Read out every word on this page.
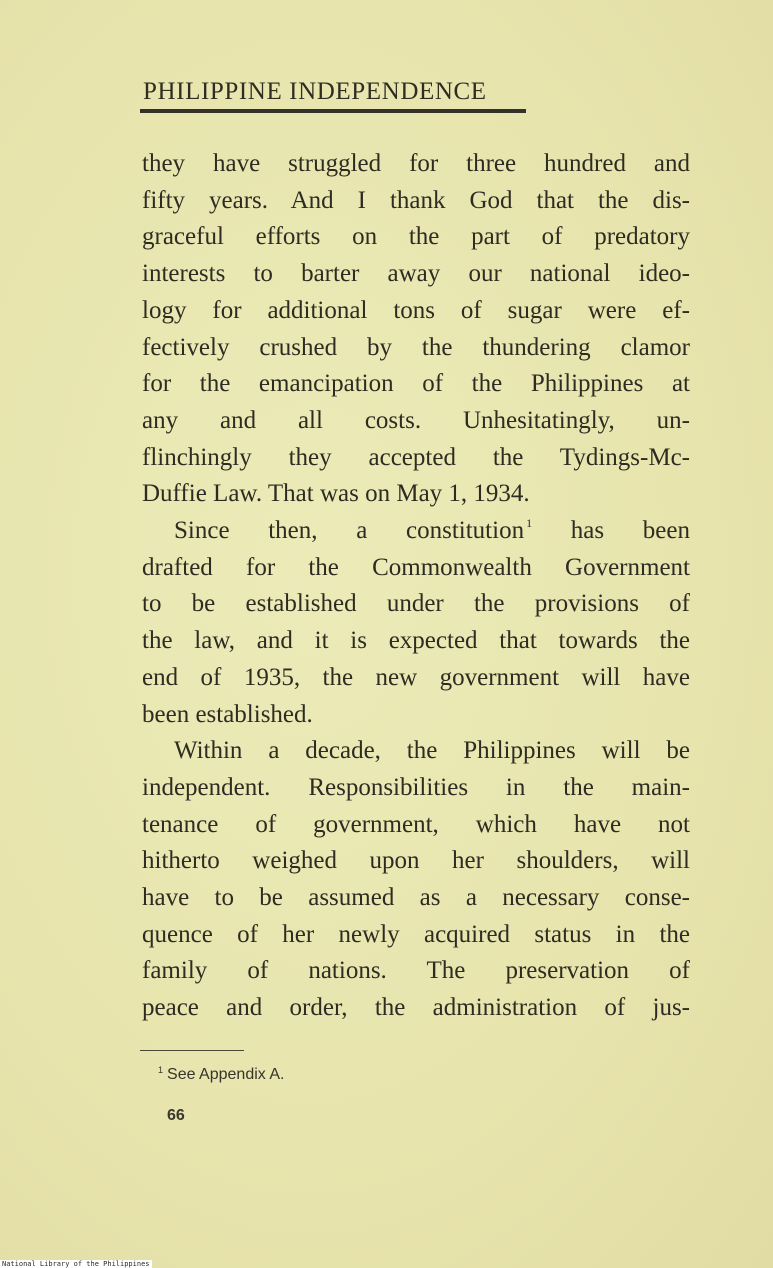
PHILIPPINE INDEPENDENCE
they have struggled for three hundred and
fifty years. And I thank God that the dis-
graceful efforts on the part of predatory
interests to barter away our national ideo-
logy for additional tons of sugar were ef-
fectively crushed by the thundering clamor
for the emancipation of the Philippines at
any and all costs. Unhesitatingly, un-
flinchingly they accepted the Tydings-Mc-
Duffie Law. That was on May 1, 1934.
Since then, a constitution $^1$ has been
drafted for the Commonwealth Government
to be established under the provisions of
the law, and it is expected that towards the
end of 1935, the new government will have
been established.
Within a decade, the Philippines will be
independent. Responsibilities in the main-
tenance of government, which have not
hitherto weighed upon her shoulders, will
have to be assumed as a necessary conse-
quence of her newly acquired status in the
family of nations. The preservation of
peace and order, the administration of jus-
$^1$ See Appendix A.
66
National Library of the Philippines
